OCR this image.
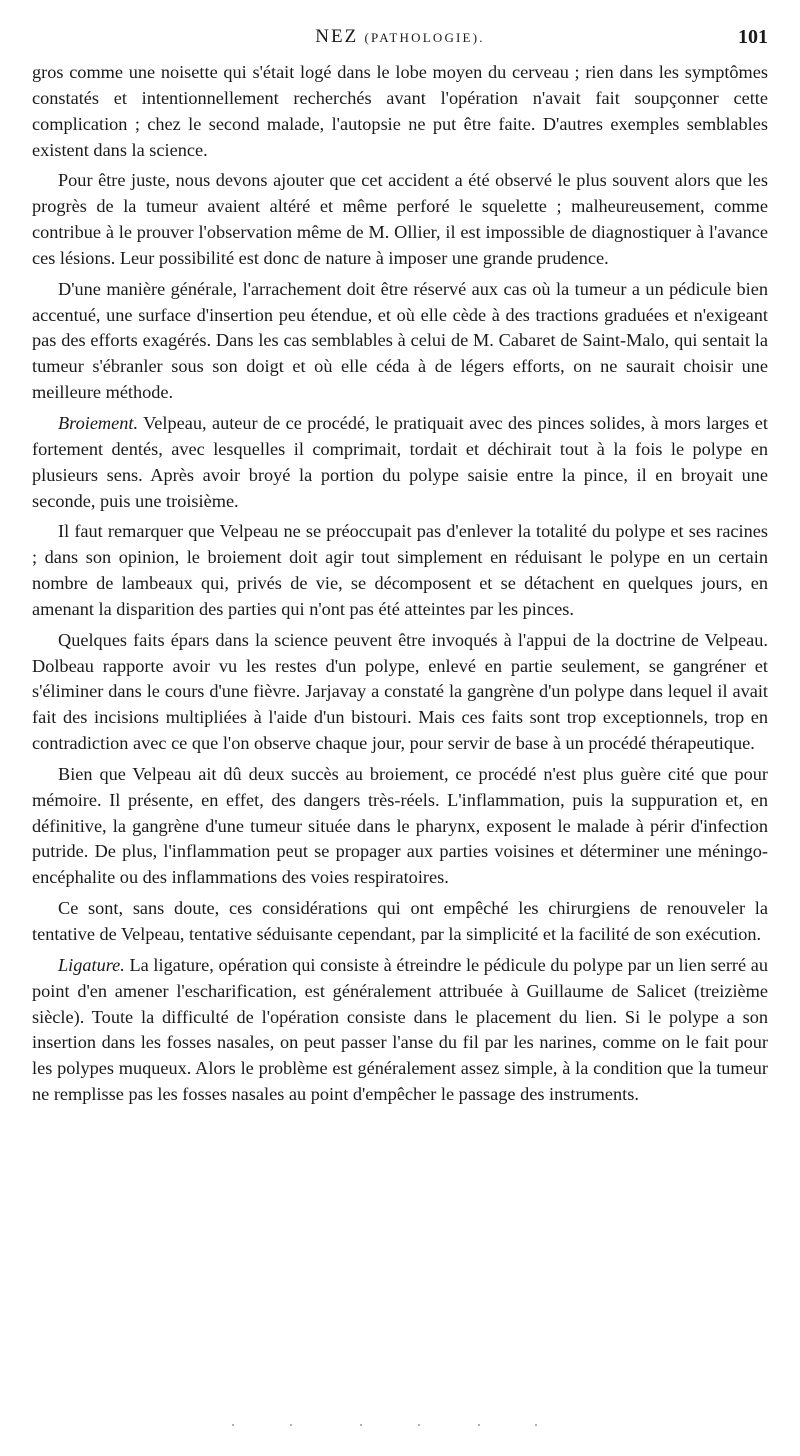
NEZ (PATHOLOGIE).	101

gros comme une noisette qui s'était logé dans le lobe moyen du cerveau ; rien dans les symptômes constatés et intentionnellement recherchés avant l'opération n'avait fait soupçonner cette complication ; chez le second malade, l'autopsie ne put être faite. D'autres exemples semblables existent dans la science.

Pour être juste, nous devons ajouter que cet accident a été observé le plus souvent alors que les progrès de la tumeur avaient altéré et même perforé le squelette ; malheureusement, comme contribue à le prouver l'observation même de M. Ollier, il est impossible de diagnostiquer à l'avance ces lésions. Leur possibilité est donc de nature à imposer une grande prudence.

D'une manière générale, l'arrachement doit être réservé aux cas où la tumeur a un pédicule bien accentué, une surface d'insertion peu étendue, et où elle cède à des tractions graduées et n'exigeant pas des efforts exagérés. Dans les cas semblables à celui de M. Cabaret de Saint-Malo, qui sentait la tumeur s'ébranler sous son doigt et où elle céda à de légers efforts, on ne saurait choisir une meilleure méthode.

Broiement. Velpeau, auteur de ce procédé, le pratiquait avec des pinces solides, à mors larges et fortement dentés, avec lesquelles il comprimait, tordait et déchirait tout à la fois le polype en plusieurs sens. Après avoir broyé la portion du polype saisie entre la pince, il en broyait une seconde, puis une troisième.

Il faut remarquer que Velpeau ne se préoccupait pas d'enlever la totalité du polype et ses racines ; dans son opinion, le broiement doit agir tout simplement en réduisant le polype en un certain nombre de lambeaux qui, privés de vie, se décomposent et se détachent en quelques jours, en amenant la disparition des parties qui n'ont pas été atteintes par les pinces.

Quelques faits épars dans la science peuvent être invoqués à l'appui de la doctrine de Velpeau. Dolbeau rapporte avoir vu les restes d'un polype, enlevé en partie seulement, se gangréner et s'éliminer dans le cours d'une fièvre. Jarjavay a constaté la gangrène d'un polype dans lequel il avait fait des incisions multipliées à l'aide d'un bistouri. Mais ces faits sont trop exceptionnels, trop en contradiction avec ce que l'on observe chaque jour, pour servir de base à un procédé thérapeutique.

Bien que Velpeau ait dû deux succès au broiement, ce procédé n'est plus guère cité que pour mémoire. Il présente, en effet, des dangers très-réels. L'inflammation, puis la suppuration et, en définitive, la gangrène d'une tumeur située dans le pharynx, exposent le malade à périr d'infection putride. De plus, l'inflammation peut se propager aux parties voisines et déterminer une méningo-encéphalite ou des inflammations des voies respiratoires.

Ce sont, sans doute, ces considérations qui ont empêché les chirurgiens de renouveler la tentative de Velpeau, tentative séduisante cependant, par la simplicité et la facilité de son exécution.

Ligature. La ligature, opération qui consiste à étreindre le pédicule du polype par un lien serré au point d'en amener l'escharification, est généralement attribuée à Guillaume de Salicet (treizième siècle). Toute la difficulté de l'opération consiste dans le placement du lien. Si le polype a son insertion dans les fosses nasales, on peut passer l'anse du fil par les narines, comme on le fait pour les polypes muqueux. Alors le problème est généralement assez simple, à la condition que la tumeur ne remplisse pas les fosses nasales au point d'empêcher le passage des instruments.
